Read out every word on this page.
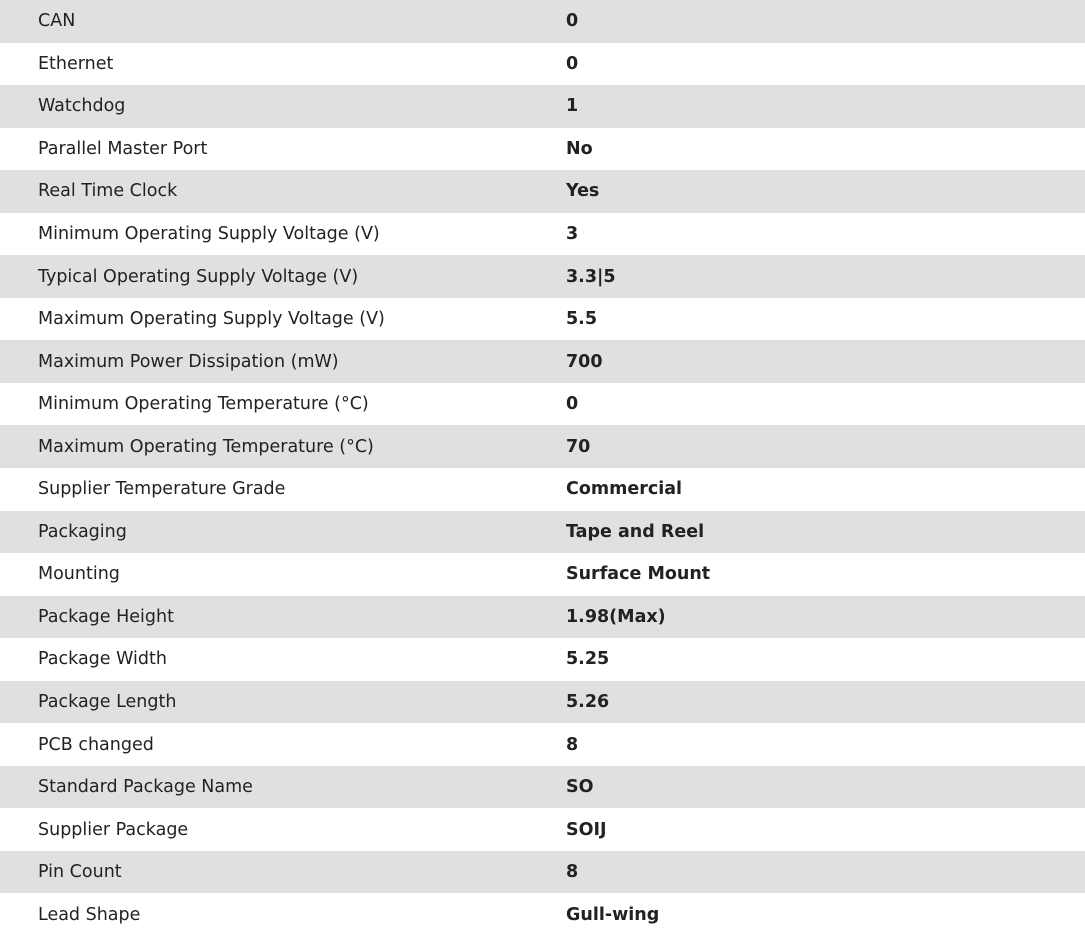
CAN	0
Ethernet	0
Watchdog	1
Parallel Master Port	No
Real Time Clock	Yes
Minimum Operating Supply Voltage (V)	3
Typical Operating Supply Voltage (V)	3.3|5
Maximum Operating Supply Voltage (V)	5.5
Maximum Power Dissipation (mW)	700
Minimum Operating Temperature (°C)	0
Maximum Operating Temperature (°C)	70
Supplier Temperature Grade	Commercial
Packaging	Tape and Reel
Mounting	Surface Mount
Package Height	1.98(Max)
Package Width	5.25
Package Length	5.26
PCB changed	8
Standard Package Name	SO
Supplier Package	SOIJ
Pin Count	8
Lead Shape	Gull-wing
